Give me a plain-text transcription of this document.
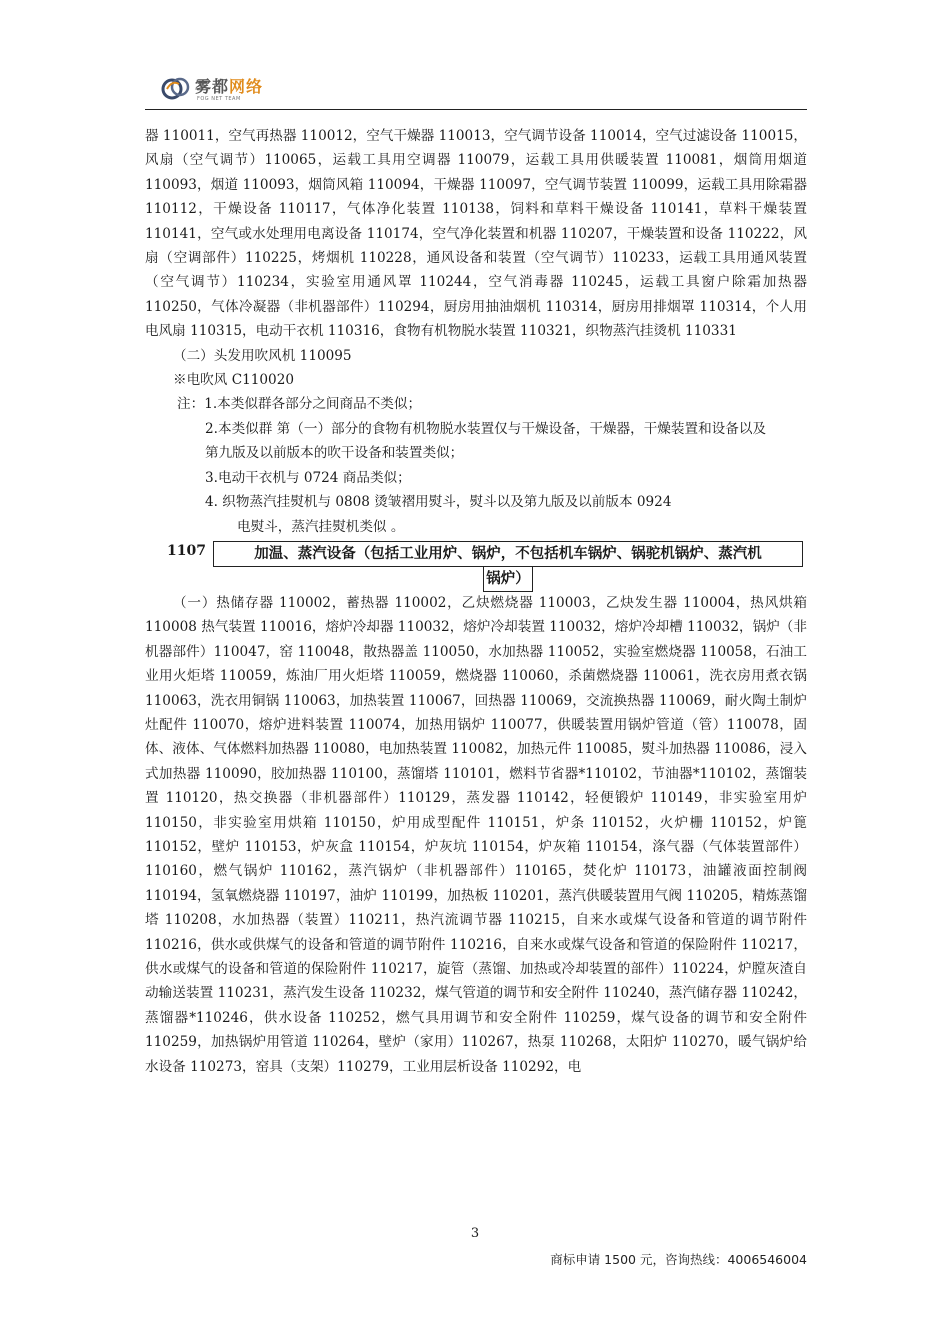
雾都网络
FOG NET TEAM

器 110011，空气再热器 110012，空气干燥器 110013，空气调节设备 110014，空气过滤设备 110015，风扇（空气调节）110065，运载工具用空调器 110079，运载工具用供暖装置 110081，烟筒用烟道 110093，烟道 110093，烟筒风箱 110094，干燥器 110097，空气调节装置 110099，运载工具用除霜器 110112，干燥设备 110117，气体净化装置 110138，饲料和草料干燥设备 110141，草料干燥装置 110141，空气或水处理用电离设备 110174，空气净化装置和机器 110207，干燥装置和设备 110222，风扇（空调部件）110225，烤烟机 110228，通风设备和装置（空气调节）110233，运载工具用通风装置（空气调节）110234，实验室用通风罩 110244，空气消毒器 110245，运载工具窗户除霜加热器 110250，气体冷凝器（非机器部件）110294，厨房用抽油烟机 110314，厨房用排烟罩 110314，个人用电风扇 110315，电动干衣机 110316，食物有机物脱水装置 110321，织物蒸汽挂烫机 110331

（二）头发用吹风机 110095

※电吹风 C110020

注：1.本类似群各部分之间商品不类似；

2.本类似群 第（一）部分的食物有机物脱水装置仅与干燥设备，干燥器，干燥装置和设备以及第九版及以前版本的吹干设备和装置类似；

3.电动干衣机与 0724 商品类似；

4. 织物蒸汽挂熨机与 0808 烫皱褶用熨斗，熨斗以及第九版及以前版本 0924

电熨斗，蒸汽挂熨机类似 。

1107	加温、蒸汽设备（包括工业用炉、锅炉，不包括机车锅炉、锅驼机锅炉、蒸汽机
锅炉）

（一）热储存器 110002，蓄热器 110002，乙炔燃烧器 110003，乙炔发生器 110004，热风烘箱 110008 热气装置 110016，熔炉冷却器 110032，熔炉冷却装置 110032，熔炉冷却槽 110032，锅炉（非机器部件）110047，窑 110048，散热器盖 110050，水加热器 110052，实验室燃烧器 110058，石油工业用火炬塔 110059，炼油厂用火炬塔 110059，燃烧器 110060，杀菌燃烧器 110061，洗衣房用煮衣锅 110063，洗衣用铜锅 110063，加热装置 110067，回热器 110069，交流换热器 110069，耐火陶土制炉灶配件 110070，熔炉进料装置 110074，加热用锅炉 110077，供暖装置用锅炉管道（管）110078，固体、液体、气体燃料加热器 110080，电加热装置 110082，加热元件 110085，熨斗加热器 110086，浸入式加热器 110090，胶加热器 110100，蒸馏塔 110101，燃料节省器*110102，节油器*110102，蒸馏装置 110120，热交换器（非机器部件）110129，蒸发器 110142，轻便锻炉 110149，非实验室用炉 110150，非实验室用烘箱 110150，炉用成型配件 110151，炉条 110152，火炉栅 110152，炉篦 110152，壁炉 110153，炉灰盒 110154，炉灰坑 110154，炉灰箱 110154，涤气器（气体装置部件）110160，燃气锅炉 110162，蒸汽锅炉（非机器部件）110165，焚化炉 110173，油罐液面控制阀 110194，氢氧燃烧器 110197，油炉 110199，加热板 110201，蒸汽供暖装置用气阀 110205，精炼蒸馏塔 110208，水加热器（装置）110211，热汽流调节器 110215，自来水或煤气设备和管道的调节附件 110216，供水或供煤气的设备和管道的调节附件 110216，自来水或煤气设备和管道的保险附件 110217，供水或煤气的设备和管道的保险附件 110217，旋管（蒸馏、加热或冷却装置的部件）110224，炉膛灰渣自动输送装置 110231，蒸汽发生设备 110232，煤气管道的调节和安全附件 110240，蒸汽储存器 110242，蒸馏器*110246，供水设备 110252，燃气具用调节和安全附件 110259，煤气设备的调节和安全附件 110259，加热锅炉用管道 110264，壁炉（家用）110267，热泵 110268，太阳炉 110270，暖气锅炉给水设备 110273，窑具（支架）110279，工业用层析设备 110292，电

3
商标申请 1500 元，咨询热线：4006546004
